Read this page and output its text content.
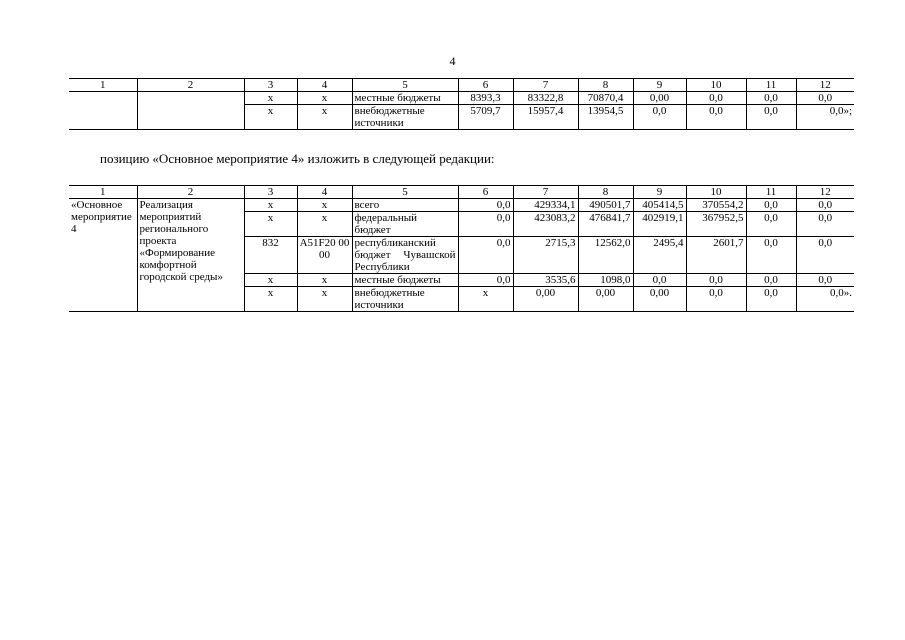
4
1	2	3	4	5	6	7	8	9	10	11	12
		х	х	местные бюджеты	8393,3	83322,8	70870,4	0,00	0,0	0,0	0,0
		х	х	внебюджетные источники	5709,7	15957,4	13954,5	0,0	0,0	0,0	0,0»;
позицию «Основное мероприятие 4» изложить в следующей редакции:
1	2	3	4	5	6	7	8	9	10	11	12
«Основное мероприятие 4	Реализация мероприятий регионального проекта «Формирование комфортной городской среды»	х	х	всего	0,0	429334,1	490501,7	405414,5	370554,2	0,0	0,0
		х	х	федеральный бюджет	0,0	423083,2	476841,7	402919,1	367952,5	0,0	0,0
		832	А51F20 0000	республиканский бюджет Чувашской Республики	0,0	2715,3	12562,0	2495,4	2601,7	0,0	0,0
		х	х	местные бюджеты	0,0	3535,6	1098,0	0,0	0,0	0,0	0,0
		х	х	внебюджетные источники	х	0,00	0,00	0,00	0,0	0,0	0,0».
